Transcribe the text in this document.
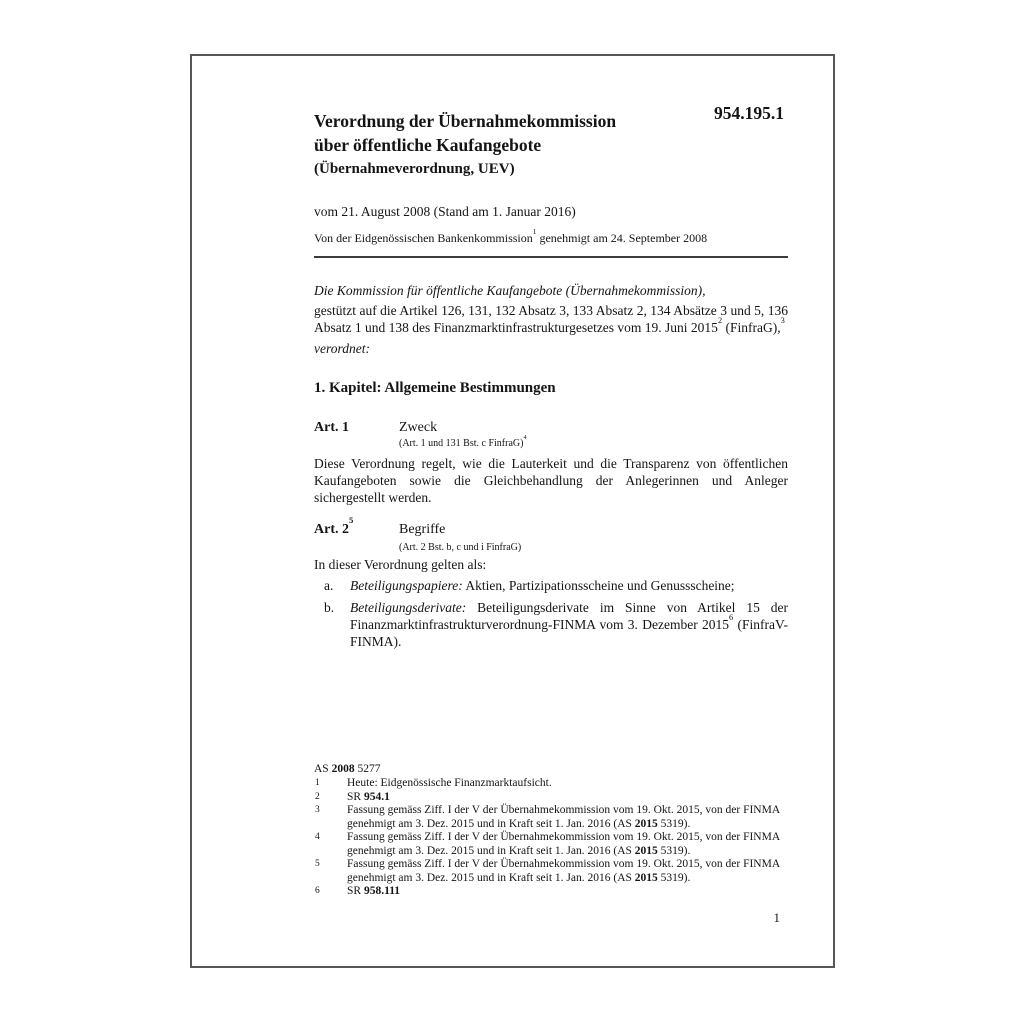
954.195.1
Verordnung der Übernahmekommission
über öffentliche Kaufangebote
(Übernahmeverordnung, UEV)
vom 21. August 2008 (Stand am 1. Januar 2016)
Von der Eidgenössischen Bankenkommission$^1$ genehmigt am 24. September 2008

Die Kommission für öffentliche Kaufangebote (Übernahmekommission),

gestützt auf die Artikel 126, 131, 132 Absatz 3, 133 Absatz 2, 134 Absätze 3 und 5, 136 Absatz 1 und 138 des Finanzmarktinfrastrukturgesetzes vom 19. Juni 2015$^2$ (FinfraG),$^3$

verordnet:

1. Kapitel: Allgemeine Bestimmungen
Art. 1	Zweck
(Art. 1 und 131 Bst. c FinfraG)$^4$

Diese Verordnung regelt, wie die Lauterkeit und die Transparenz von öffentlichen Kaufangeboten sowie die Gleichbehandlung der Anlegerinnen und Anleger sichergestellt werden.

Art. $2^5Begriffe$
(Art. 2 Bst. b, c und i FinfraG)

In dieser Verordnung gelten als:

a. Beteiligungspapiere: Aktien, Partizipationsscheine und Genussscheine;
b. Beteiligungsderivate: Beteiligungsderivate im Sinne von Artikel 15 der Finanzmarktinfrastrukturverordnung-FINMA vom 3. Dezember 2015$^6$ (FinfraV-FINMA).
AS 2008 5277
1 Heute: Eidgenössische Finanzmarktaufsicht.
2 SR 954.1
3 Fassung gemäss Ziff. I der V der Übernahmekommission vom 19. Okt. 2015, von der FINMA genehmigt am 3. Dez. 2015 und in Kraft seit 1. Jan. 2016 (AS 2015 5319).
4 Fassung gemäss Ziff. I der V der Übernahmekommission vom 19. Okt. 2015, von der FINMA genehmigt am 3. Dez. 2015 und in Kraft seit 1. Jan. 2016 (AS 2015 5319).
5 Fassung gemäss Ziff. I der V der Übernahmekommission vom 19. Okt. 2015, von der FINMA genehmigt am 3. Dez. 2015 und in Kraft seit 1. Jan. 2016 (AS 2015 5319).
6 SR 958.111
1
